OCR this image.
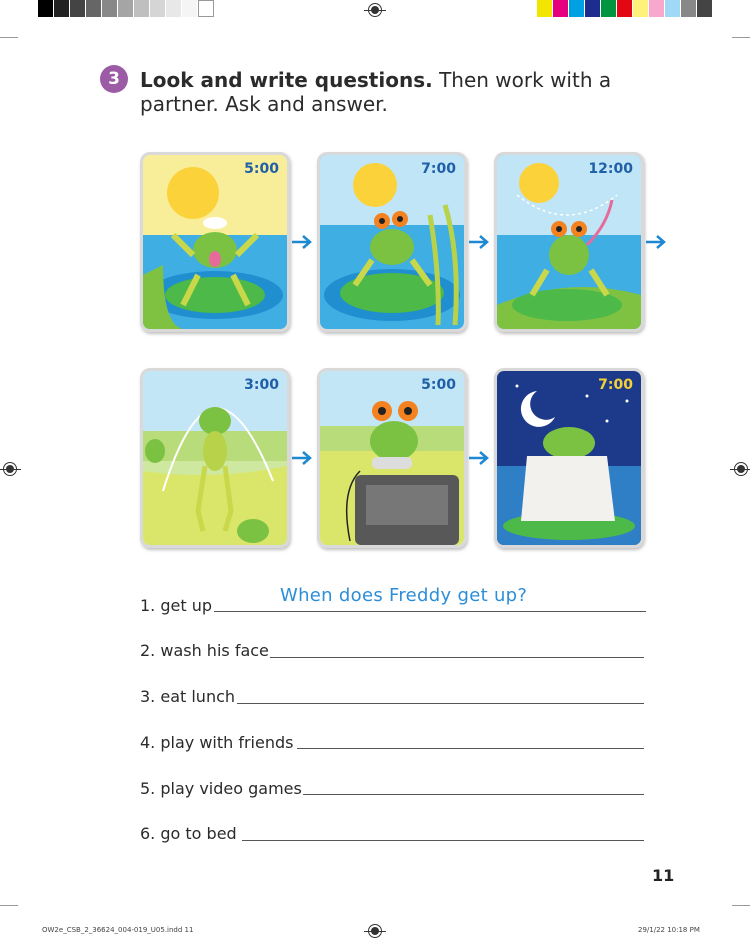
3	Look and write questions. Then work with a partner. Ask and answer.
5:00	7:00	12:00
3:00	5:00	7:00
1. get up	When does Freddy get up?
2. wash his face
3. eat lunch
4. play with friends
5. play video games
6. go to bed
11
OW2e_CSB_2_36624_004-019_U05.indd 11	29/1/22 10:18 PM
